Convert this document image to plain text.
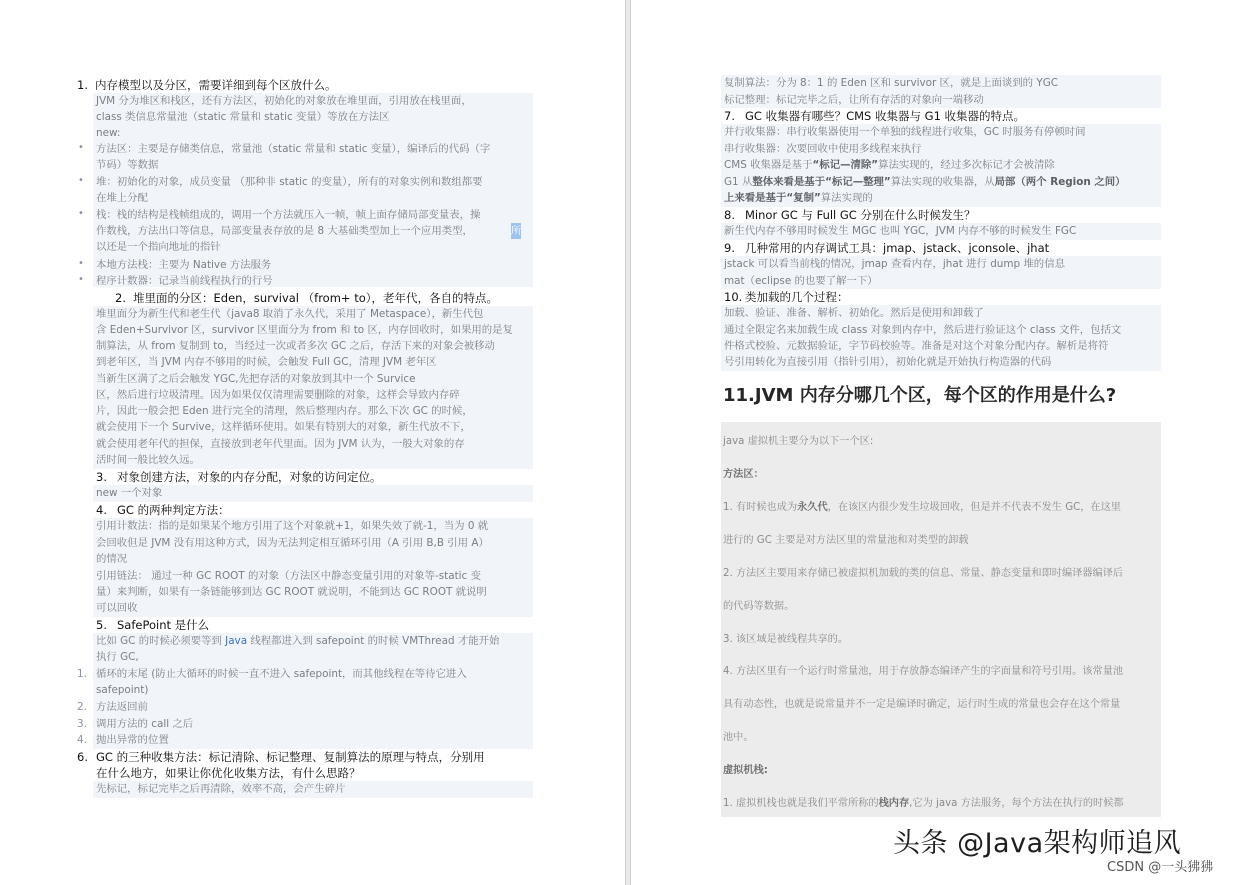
1. 内存模型以及分区，需要详细到每个区放什么。
JVM 分为堆区和栈区，还有方法区，初始化的对象放在堆里面，引用放在栈里面，
class 类信息常量池（static 常量和 static 变量）等放在方法区
new:
• 方法区：主要是存储类信息，常量池（static 常量和 static 变量），编译后的代码（字
节码）等数据
• 堆：初始化的对象，成员变量 （那种非 static 的变量），所有的对象实例和数组都要
在堆上分配
• 栈：栈的结构是栈帧组成的，调用一个方法就压入一帧，帧上面存储局部变量表，操
作数栈，方法出口等信息，局部变量表存放的是 8 大基础类型加上一个应用类型，	所
以还是一个指向地址的指针
• 本地方法栈：主要为 Native 方法服务
• 程序计数器：记录当前线程执行的行号
2. 堆里面的分区：Eden，survival （from+ to），老年代，各自的特点。
堆里面分为新生代和老生代（java8 取消了永久代，采用了 Metaspace），新生代包
含 Eden+Survivor 区，survivor 区里面分为 from 和 to 区，内存回收时，如果用的是复
制算法，从 from 复制到 to，当经过一次或者多次 GC 之后，存活下来的对象会被移动
到老年区，当 JVM 内存不够用的时候，会触发 Full GC，清理 JVM 老年区
当新生区满了之后会触发 YGC,先把存活的对象放到其中一个 Survice
区，然后进行垃圾清理。因为如果仅仅清理需要删除的对象，这样会导致内存碎
片，因此一般会把 Eden 进行完全的清理，然后整理内存。那么下次 GC 的时候，
就会使用下一个 Survive，这样循环使用。如果有特别大的对象，新生代放不下，
就会使用老年代的担保，直接放到老年代里面。因为 JVM 认为，一般大对象的存
活时间一般比较久远。
3. 对象创建方法，对象的内存分配，对象的访问定位。
new 一个对象
4. GC 的两种判定方法：
引用计数法：指的是如果某个地方引用了这个对象就+1，如果失效了就-1，当为 0 就
会回收但是 JVM 没有用这种方式，因为无法判定相互循环引用（A 引用 B,B 引用 A）
的情况
引用链法： 通过一种 GC ROOT 的对象（方法区中静态变量引用的对象等-static 变
量）来判断，如果有一条链能够到达 GC ROOT 就说明，不能到达 GC ROOT 就说明
可以回收
5. SafePoint 是什么
比如 GC 的时候必须要等到 Java 线程都进入到 safepoint 的时候 VMThread 才能开始
执行 GC,
1. 循环的末尾 (防止大循环的时候一直不进入 safepoint，而其他线程在等待它进入
safepoint)
2. 方法返回前
3. 调用方法的 call 之后
4. 抛出异常的位置
6. GC 的三种收集方法：标记清除、标记整理、复制算法的原理与特点，分别用
在什么地方，如果让你优化收集方法，有什么思路？
先标记，标记完毕之后再清除，效率不高，会产生碎片
复制算法：分为 8：1 的 Eden 区和 survivor 区，就是上面谈到的 YGC
标记整理：标记完毕之后，让所有存活的对象向一端移动
7. GC 收集器有哪些？CMS 收集器与 G1 收集器的特点。
并行收集器：串行收集器使用一个单独的线程进行收集，GC 时服务有停顿时间
串行收集器：次要回收中使用多线程来执行
CMS 收集器是基于“标记—清除”算法实现的，经过多次标记才会被清除
G1 从整体来看是基于“标记—整理”算法实现的收集器，从局部（两个 Region 之间）
上来看是基于“复制”算法实现的
8. Minor GC 与 Full GC 分别在什么时候发生？
新生代内存不够用时候发生 MGC 也叫 YGC，JVM 内存不够的时候发生 FGC
9. 几种常用的内存调试工具：jmap、jstack、jconsole、jhat
jstack 可以看当前栈的情况，jmap 查看内存，jhat 进行 dump 堆的信息
mat（eclipse 的也要了解一下）
10. 类加载的几个过程：
加载、验证、准备、解析、初始化。然后是使用和卸载了
通过全限定名来加载生成 class 对象到内存中，然后进行验证这个 class 文件，包括文
件格式校验、元数据验证，字节码校验等。准备是对这个对象分配内存。解析是将符
号引用转化为直接引用（指针引用），初始化就是开始执行构造器的代码
11.JVM 内存分哪几个区，每个区的作用是什么?
java 虚拟机主要分为以下一个区:
方法区：
1. 有时候也成为永久代，在该区内很少发生垃圾回收，但是并不代表不发生 GC，在这里
进行的 GC 主要是对方法区里的常量池和对类型的卸载
2. 方法区主要用来存储已被虚拟机加载的类的信息、常量、静态变量和即时编译器编译后
的代码等数据。
3. 该区域是被线程共享的。
4. 方法区里有一个运行时常量池，用于存放静态编译产生的字面量和符号引用。该常量池
具有动态性，也就是说常量并不一定是编译时确定，运行时生成的常量也会存在这个常量
池中。
虚拟机栈:
1. 虚拟机栈也就是我们平常所称的栈内存,它为 java 方法服务，每个方法在执行的时候都
头条 @Java架构师追风
CSDN @一头狒狒
